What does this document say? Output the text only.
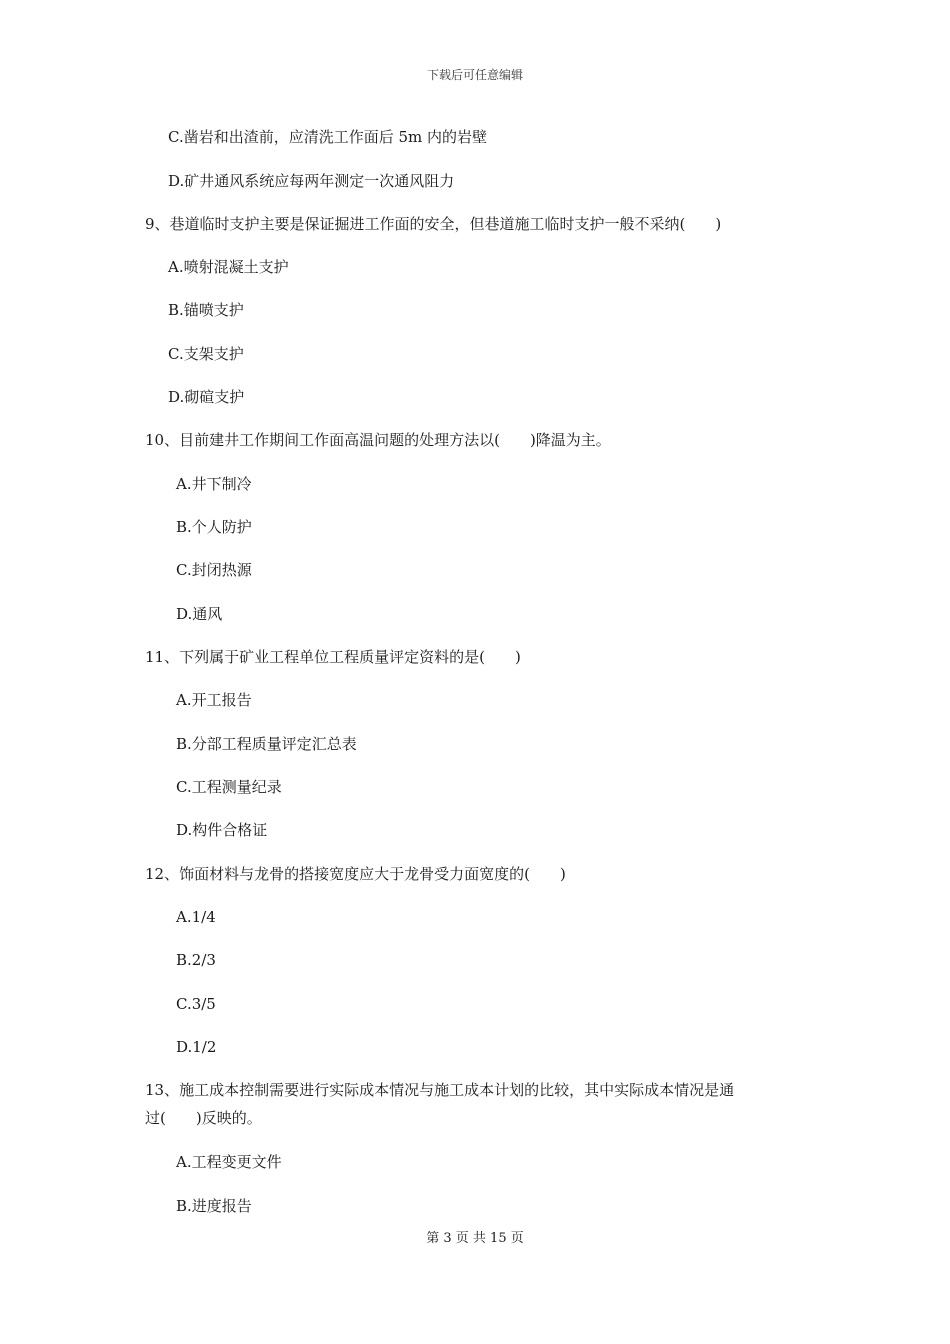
下载后可任意编辑
C.凿岩和出渣前，应清洗工作面后 5m 内的岩壁
D.矿井通风系统应每两年测定一次通风阻力
9、巷道临时支护主要是保证掘进工作面的安全，但巷道施工临时支护一般不采纳(　　)
A.喷射混凝土支护
B.锚喷支护
C.支架支护
D.砌碹支护
10、目前建井工作期间工作面高温问题的处理方法以(　　)降温为主。
A.井下制冷
B.个人防护
C.封闭热源
D.通风
11、下列属于矿业工程单位工程质量评定资料的是(　　)
A.开工报告
B.分部工程质量评定汇总表
C.工程测量纪录
D.构件合格证
12、饰面材料与龙骨的搭接宽度应大于龙骨受力面宽度的(　　)
A.1/4
B.2/3
C.3/5
D.1/2
13、施工成本控制需要进行实际成本情况与施工成本计划的比较，其中实际成本情况是通
过(　　)反映的。
A.工程变更文件
B.进度报告
第 3 页 共 15 页
